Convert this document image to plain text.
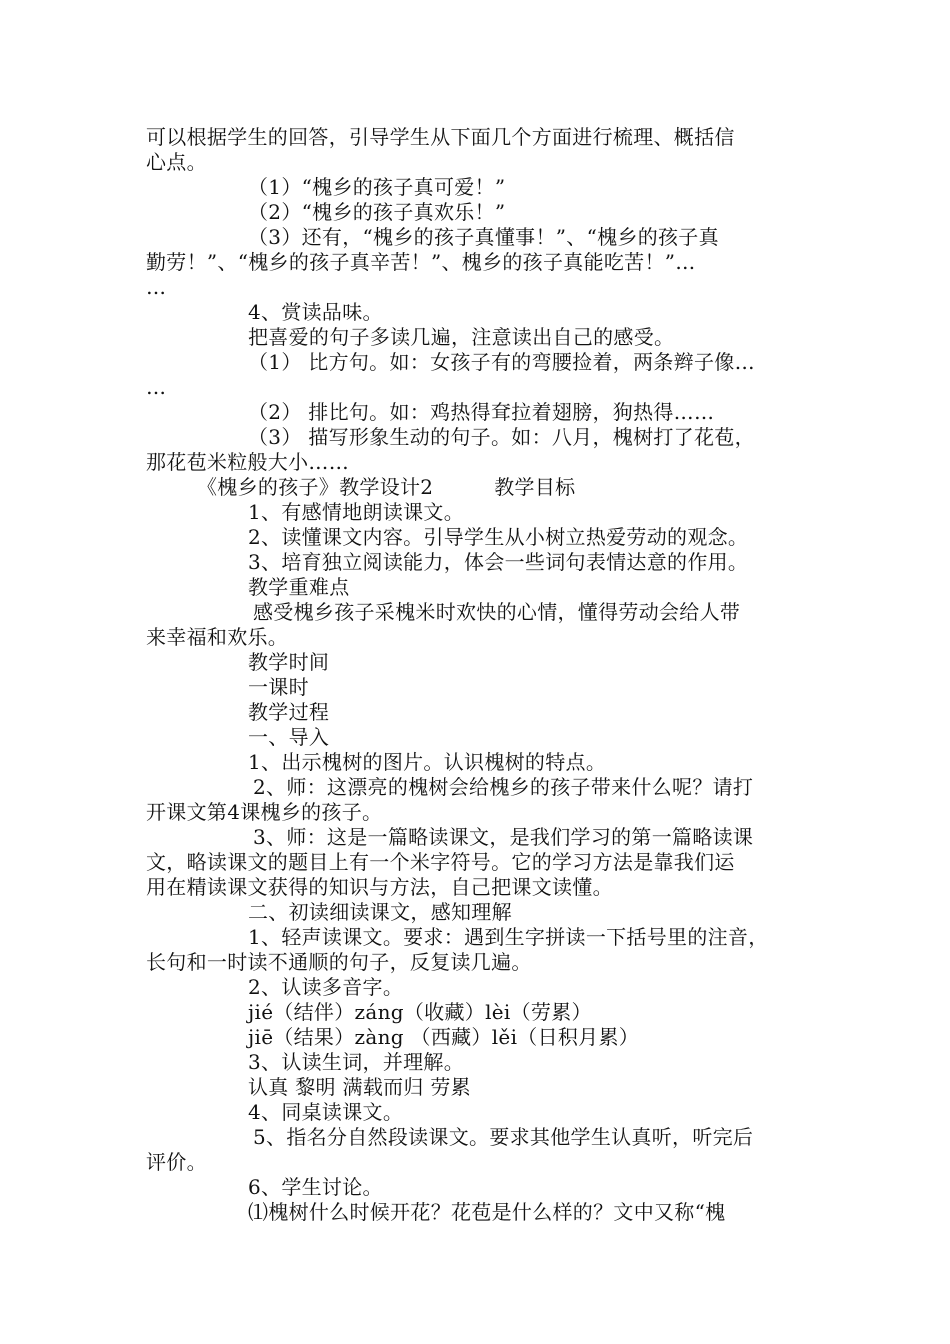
可以根据学生的回答，引导学生从下面几个方面进行梳理、概括信
心点。
（1）“槐乡的孩子真可爱！”
（2）“槐乡的孩子真欢乐！”
（3）还有，“槐乡的孩子真懂事！”、“槐乡的孩子真
勤劳！”、“槐乡的孩子真辛苦！”、槐乡的孩子真能吃苦！”…
…
4、赏读品味。
把喜爱的句子多读几遍，注意读出自己的感受。
（1） 比方句。如：女孩子有的弯腰捡着，两条辫子像…
…
（2） 排比句。如：鸡热得耷拉着翅膀，狗热得……
（3） 描写形象生动的句子。如：八月，槐树打了花苞，
那花苞米粒般大小……
《槐乡的孩子》教学设计2　　　教学目标
1、有感情地朗读课文。
2、读懂课文内容。引导学生从小树立热爱劳动的观念。
3、培育独立阅读能力，体会一些词句表情达意的作用。
教学重难点
感受槐乡孩子采槐米时欢快的心情，懂得劳动会给人带
来幸福和欢乐。
教学时间
一课时
教学过程
一、导入
1、出示槐树的图片。认识槐树的特点。
2、师：这漂亮的槐树会给槐乡的孩子带来什么呢？请打
开课文第4课槐乡的孩子。
3、师：这是一篇略读课文，是我们学习的第一篇略读课
文，略读课文的题目上有一个米字符号。它的学习方法是靠我们运
用在精读课文获得的知识与方法，自己把课文读懂。
二、初读细读课文，感知理解
1、轻声读课文。要求：遇到生字拼读一下括号里的注音，
长句和一时读不通顺的句子，反复读几遍。
2、认读多音字。
jié（结伴）záng（收藏）lèi（劳累）
jiē（结果）zàng （西藏）lěi（日积月累）
3、认读生词，并理解。
认真 黎明 满载而归 劳累
4、同桌读课文。
5、指名分自然段读课文。要求其他学生认真听，听完后
评价。
6、学生讨论。
⑴槐树什么时候开花？花苞是什么样的？文中又称“槐
